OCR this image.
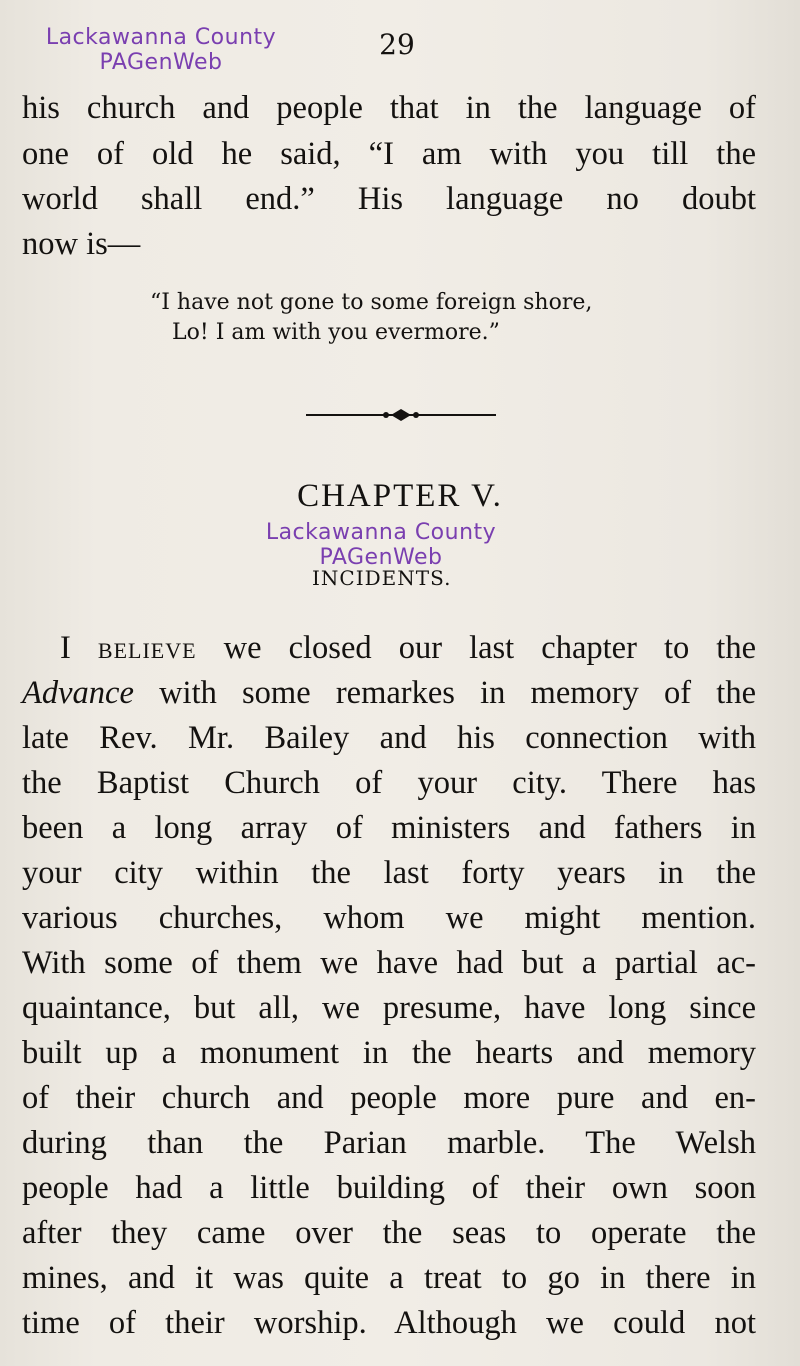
Lackawanna County
PAGenWeb
29
his church and people that in the language of
one of old he said, “I am with you till the
world shall end.” His language no doubt
now is—
“I have not gone to some foreign shore,
Lo! I am with you evermore.”
CHAPTER V.
Lackawanna County
PAGenWeb
INCIDENTS.
I BELIEVE we closed our last chapter to the
Advance with some remarkes in memory of the
late Rev. Mr. Bailey and his connection with
the Baptist Church of your city. There has
been a long array of ministers and fathers in
your city within the last forty years in the
various churches, whom we might mention.
With some of them we have had but a partial ac-
quaintance, but all, we presume, have long since
built up a monument in the hearts and memory
of their church and people more pure and en-
during than the Parian marble. The Welsh
people had a little building of their own soon
after they came over the seas to operate the
mines, and it was quite a treat to go in there in
time of their worship. Although we could not
